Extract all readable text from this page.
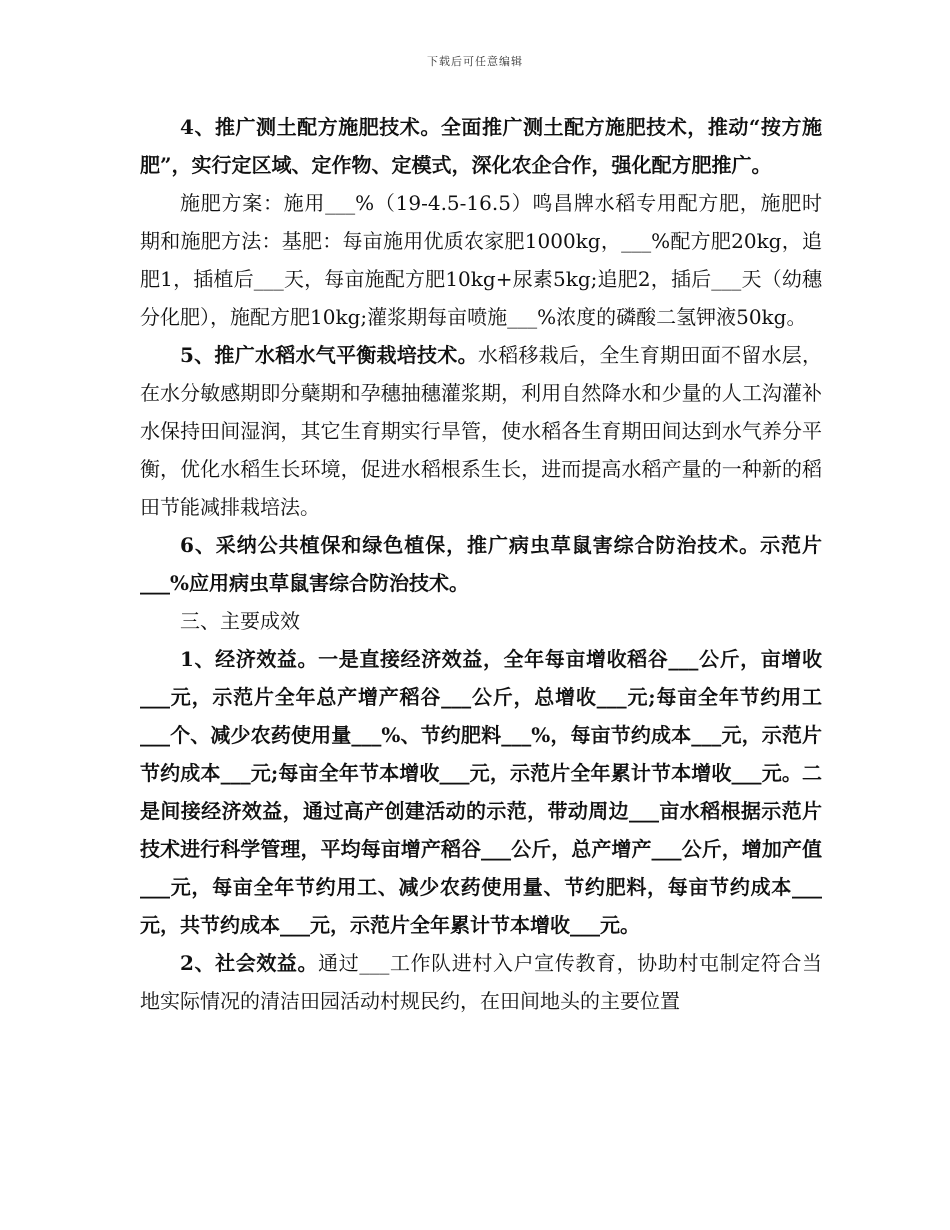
下载后可任意编辑

4、推广测土配方施肥技术。全面推广测土配方施肥技术，推动“按方施肥”，实行定区域、定作物、定模式，深化农企合作，强化配方肥推广。

施肥方案：施用___%（19-4.5-16.5）鸣昌牌水稻专用配方肥，施肥时期和施肥方法：基肥：每亩施用优质农家肥1000kg，___%配方肥20kg，追肥1，插植后___天，每亩施配方肥10kg+尿素5kg;追肥2，插后___天（幼穗分化肥），施配方肥10kg;灌浆期每亩喷施___%浓度的磷酸二氢钾液50kg。

5、推广水稻水气平衡栽培技术。水稻移栽后，全生育期田面不留水层，在水分敏感期即分蘖期和孕穗抽穗灌浆期，利用自然降水和少量的人工沟灌补水保持田间湿润，其它生育期实行旱管，使水稻各生育期田间达到水气养分平衡，优化水稻生长环境，促进水稻根系生长，进而提高水稻产量的一种新的稻田节能减排栽培法。

6、采纳公共植保和绿色植保，推广病虫草鼠害综合防治技术。示范片___%应用病虫草鼠害综合防治技术。

三、主要成效

1、经济效益。一是直接经济效益，全年每亩增收稻谷___公斤，亩增收___元，示范片全年总产增产稻谷___公斤，总增收___元;每亩全年节约用工___个、减少农药使用量___%、节约肥料___%，每亩节约成本___元，示范片节约成本___元;每亩全年节本增收___元，示范片全年累计节本增收___元。二是间接经济效益，通过高产创建活动的示范，带动周边___亩水稻根据示范片技术进行科学管理，平均每亩增产稻谷___公斤，总产增产___公斤，增加产值___元，每亩全年节约用工、减少农药使用量、节约肥料，每亩节约成本___元，共节约成本___元，示范片全年累计节本增收___元。

2、社会效益。通过___工作队进村入户宣传教育，协助村屯制定符合当地实际情况的清洁田园活动村规民约，在田间地头的主要位置
